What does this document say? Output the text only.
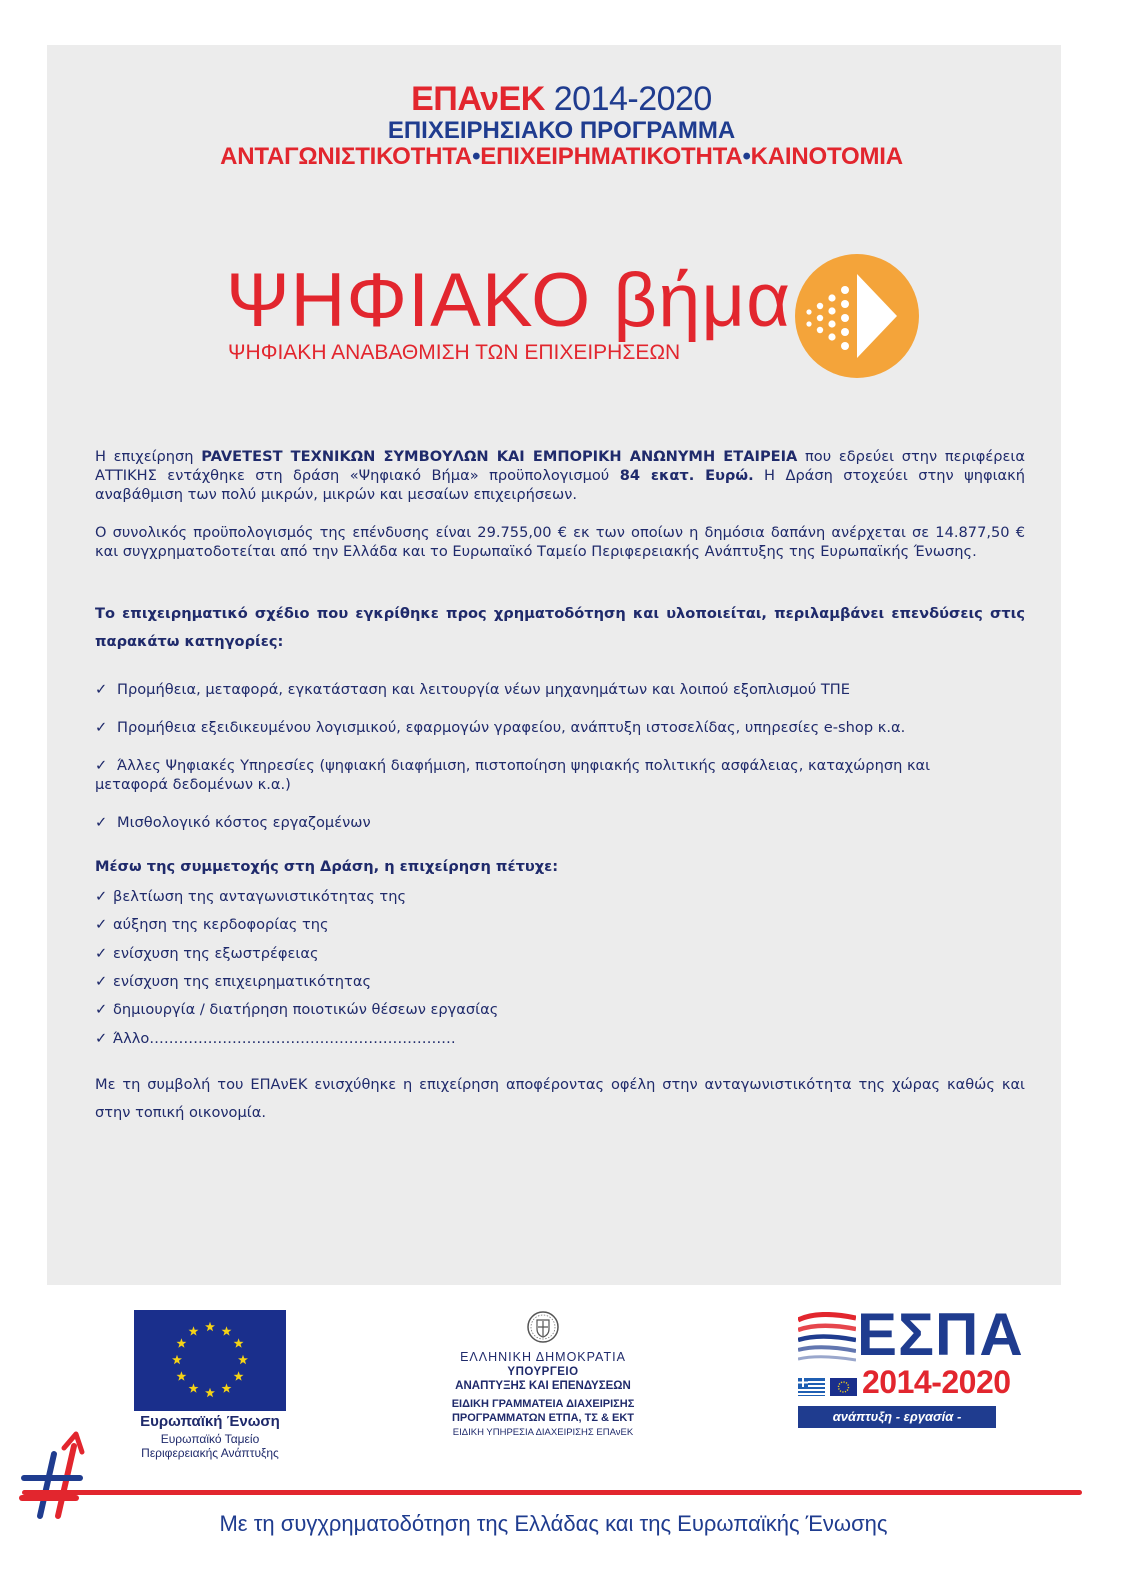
ΕΠΑνΕΚ 2014-2020
ΕΠΙΧΕΙΡΗΣΙΑΚΟ ΠΡΟΓΡΑΜΜΑ
ΑΝΤΑΓΩΝΙΣΤΙΚΟΤΗΤΑ•ΕΠΙΧΕΙΡΗΜΑΤΙΚΟΤΗΤΑ•ΚΑΙΝΟΤΟΜΙΑ
ΨΗΦΙΑΚΟ βήμα
ΨΗΦΙΑΚΗ ΑΝΑΒΑΘΜΙΣΗ ΤΩΝ ΕΠΙΧΕΙΡΗΣΕΩΝ
Η επιχείρηση PAVETEST ΤΕΧΝΙΚΩΝ ΣΥΜΒΟΥΛΩΝ ΚΑΙ ΕΜΠΟΡΙΚΗ ΑΝΩΝΥΜΗ ΕΤΑΙΡΕΙΑ που εδρεύει στην περιφέρεια ΑΤΤΙΚΗΣ εντάχθηκε στη δράση «Ψηφιακό Βήμα» προϋπολογισμού 84 εκατ. Ευρώ. Η Δράση στοχεύει στην ψηφιακή αναβάθμιση των πολύ μικρών, μικρών και μεσαίων επιχειρήσεων.
Ο συνολικός προϋπολογισμός της επένδυσης είναι 29.755,00 € εκ των οποίων η δημόσια δαπάνη ανέρχεται σε 14.877,50 € και συγχρηματοδοτείται από την Ελλάδα και το Ευρωπαϊκό Ταμείο Περιφερειακής Ανάπτυξης της Ευρωπαϊκής Ένωσης.
Το επιχειρηματικό σχέδιο που εγκρίθηκε προς χρηματοδότηση και υλοποιείται, περιλαμβάνει επενδύσεις στις παρακάτω κατηγορίες:
✓ Προμήθεια, μεταφορά, εγκατάσταση και λειτουργία νέων μηχανημάτων και λοιπού εξοπλισμού ΤΠΕ
✓ Προμήθεια εξειδικευμένου λογισμικού, εφαρμογών γραφείου, ανάπτυξη ιστοσελίδας, υπηρεσίες e-shop κ.α.
✓ Άλλες Ψηφιακές Υπηρεσίες (ψηφιακή διαφήμιση, πιστοποίηση ψηφιακής πολιτικής ασφάλειας, καταχώρηση και μεταφορά δεδομένων κ.α.)
✓ Μισθολογικό κόστος εργαζομένων
Μέσω της συμμετοχής στη Δράση, η επιχείρηση πέτυχε:
✓ βελτίωση της ανταγωνιστικότητας της
✓ αύξηση της κερδοφορίας της
✓ ενίσχυση της εξωστρέφειας
✓ ενίσχυση της επιχειρηματικότητας
✓ δημιουργία / διατήρηση ποιοτικών θέσεων εργασίας
✓ Άλλο………………………………………………………
Με τη συμβολή του ΕΠΑνΕΚ ενισχύθηκε η επιχείρηση αποφέροντας οφέλη στην ανταγωνιστικότητα της χώρας καθώς και στην τοπική οικονομία.
Ευρωπαϊκή Ένωση
Ευρωπαϊκό Ταμείο
Περιφερειακής Ανάπτυξης
ΕΛΛΗΝΙΚΗ ΔΗΜΟΚΡΑΤΙΑ
ΥΠΟΥΡΓΕΙΟ
ΑΝΑΠΤΥΞΗΣ ΚΑΙ ΕΠΕΝΔΥΣΕΩΝ
ΕΙΔΙΚΗ ΓΡΑΜΜΑΤΕΙΑ ΔΙΑΧΕΙΡΙΣΗΣ
ΠΡΟΓΡΑΜΜΑΤΩΝ ΕΤΠΑ, ΤΣ & ΕΚΤ
ΕΙΔΙΚΗ ΥΠΗΡΕΣΙΑ ΔΙΑΧΕΙΡΙΣΗΣ ΕΠΑνΕΚ
ΕΣΠΑ
2014-2020
ανάπτυξη - εργασία - αλληλεγγύη
Με τη συγχρηματοδότηση της Ελλάδας και της Ευρωπαϊκής Ένωσης
